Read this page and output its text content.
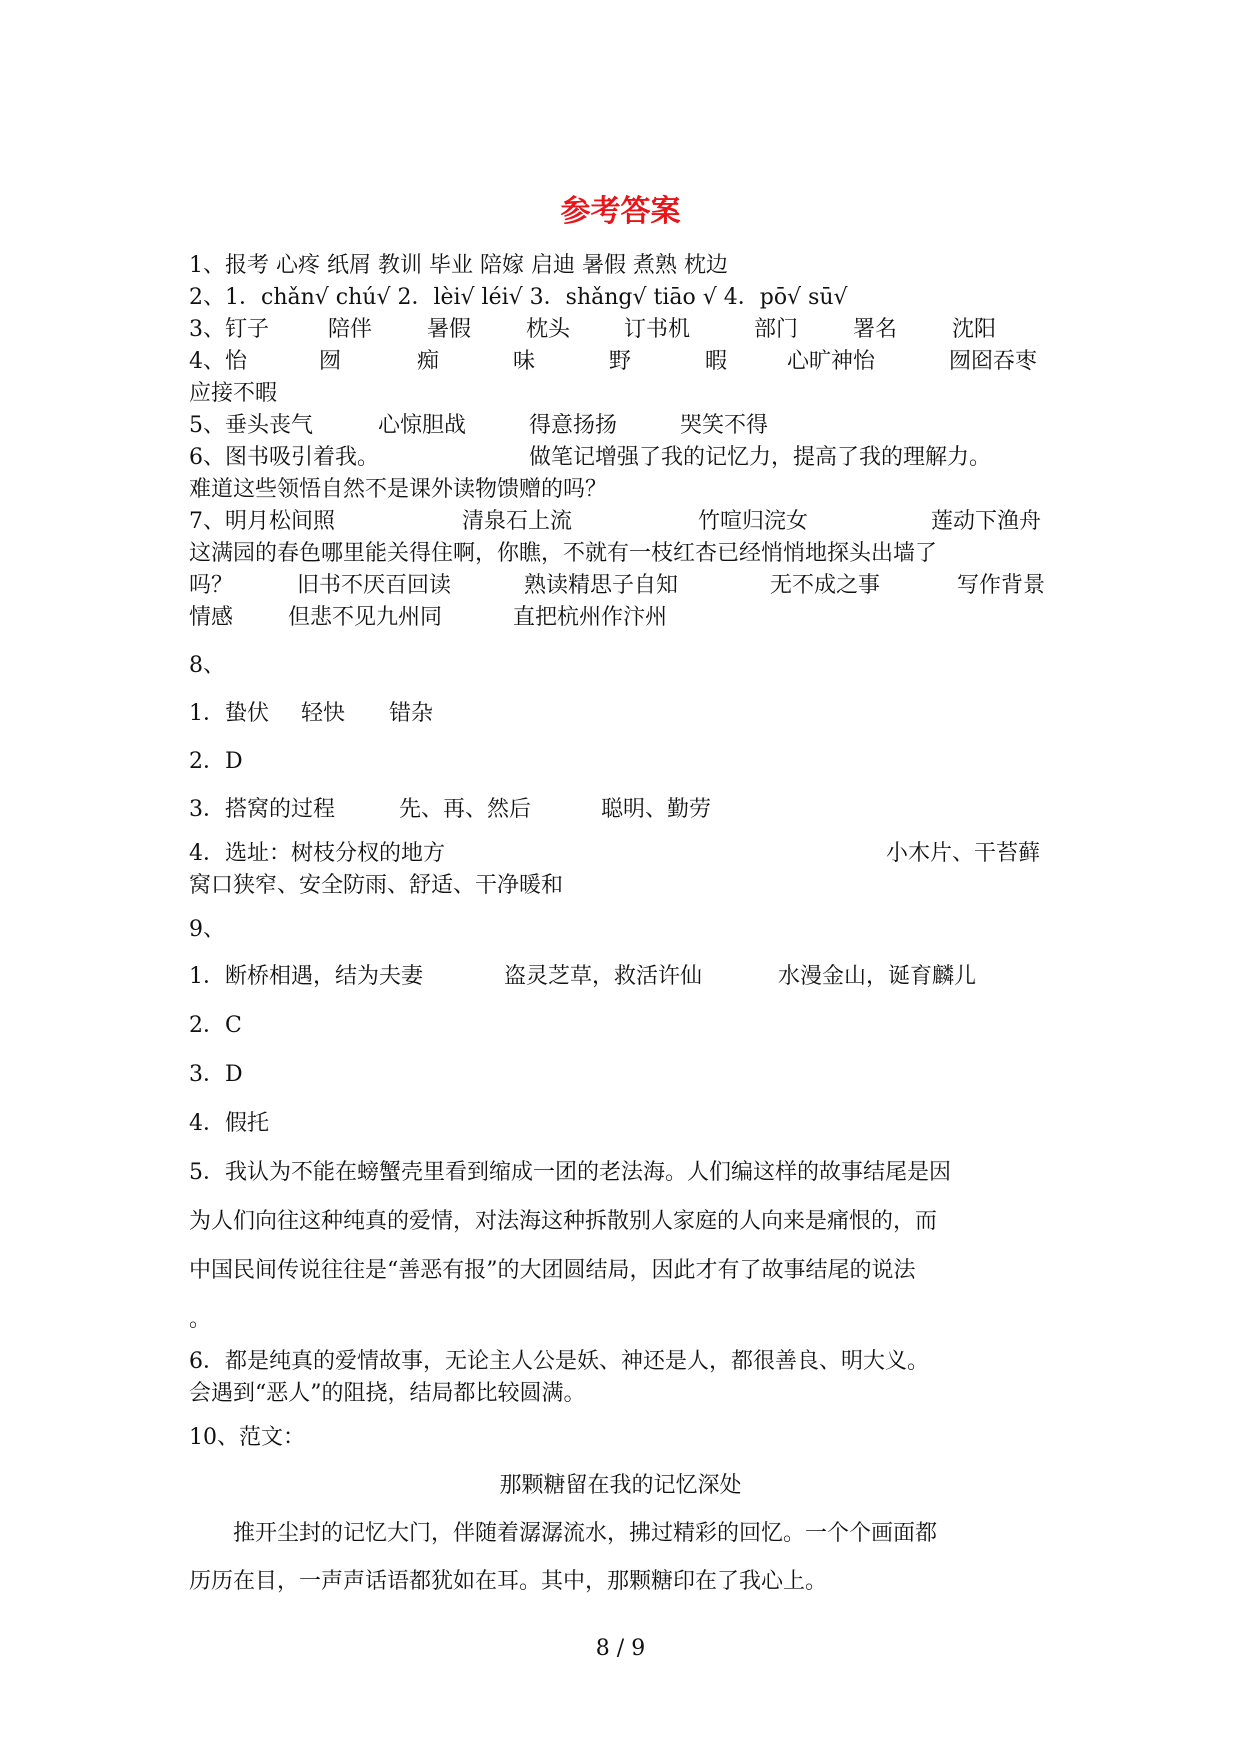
参考答案
1、报考 心疼 纸屑 教训 毕业 陪嫁 启迪 暑假 煮熟 枕边
2、1．chǎn√ chú√ 2．lèi√ léi√ 3．shǎng√ tiāo √ 4．pō√ sū√
3、钉子	陪伴 暑假 枕头 订书机	部门 署名 沈阳
4、怡	囫	痴	味	野	暇	心旷神怡	囫囵吞枣
应接不暇
5、垂头丧气	心惊胆战	得意扬扬	哭笑不得
6、图书吸引着我。	做笔记增强了我的记忆力，提高了我的理解力。
难道这些领悟自然不是课外读物馈赠的吗？
7、明月松间照	清泉石上流	竹喧归浣女	莲动下渔舟
这满园的春色哪里能关得住啊，你瞧，不就有一枝红杏已经悄悄地探头出墙了
吗？	旧书不厌百回读	熟读精思子自知	无不成之事	写作背景
情感 但悲不见九州同	直把杭州作汴州
8、
1．蛰伏 轻快 错杂
2．D
3．搭窝的过程	先、再、然后	聪明、勤劳
4．选址：树枝分杈的地方	小木片、干苔藓
窝口狭窄、安全防雨、舒适、干净暖和
9、
1．断桥相遇，结为夫妻	盗灵芝草，救活许仙	水漫金山，诞育麟儿
2．C
3．D
4．假托
5．我认为不能在螃蟹壳里看到缩成一团的老法海。人们编这样的故事结尾是因
为人们向往这种纯真的爱情，对法海这种拆散别人家庭的人向来是痛恨的，而
中国民间传说往往是“善恶有报”的大团圆结局，因此才有了故事结尾的说法
。
6．都是纯真的爱情故事，无论主人公是妖、神还是人，都很善良、明大义。
会遇到“恶人”的阻挠，结局都比较圆满。
10、范文：
那颗糖留在我的记忆深处
推开尘封的记忆大门，伴随着潺潺流水，拂过精彩的回忆。一个个画面都
历历在目，一声声话语都犹如在耳。其中，那颗糖印在了我心上。
8 / 9
